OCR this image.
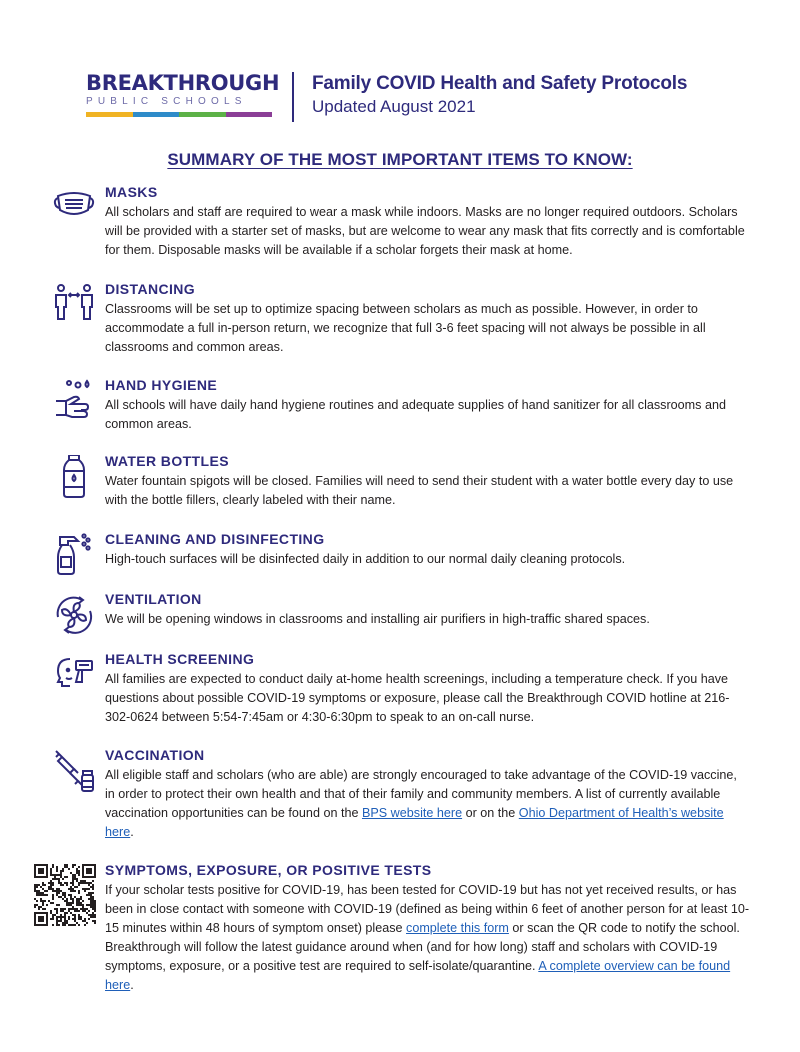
BREAKTHROUGH
PUBLIC SCHOOLS
Family COVID Health and Safety Protocols
Updated August 2021
SUMMARY OF THE MOST IMPORTANT ITEMS TO KNOW:
MASKS
All scholars and staff are required to wear a mask while indoors. Masks are no longer required outdoors. Scholars will be provided with a starter set of masks, but are welcome to wear any mask that fits correctly and is comfortable for them. Disposable masks will be available if a scholar forgets their mask at home.
DISTANCING
Classrooms will be set up to optimize spacing between scholars as much as possible. However, in order to accommodate a full in-person return, we recognize that full 3-6 feet spacing will not always be possible in all classrooms and common areas.
HAND HYGIENE
All schools will have daily hand hygiene routines and adequate supplies of hand sanitizer for all classrooms and common areas.
WATER BOTTLES
Water fountain spigots will be closed. Families will need to send their student with a water bottle every day to use with the bottle fillers, clearly labeled with their name.
CLEANING AND DISINFECTING
High-touch surfaces will be disinfected daily in addition to our normal daily cleaning protocols.
VENTILATION
We will be opening windows in classrooms and installing air purifiers in high-traffic shared spaces.
HEALTH SCREENING
All families are expected to conduct daily at-home health screenings, including a temperature check. If you have questions about possible COVID-19 symptoms or exposure, please call the Breakthrough COVID hotline at 216-302-0624 between 5:54-7:45am or 4:30-6:30pm to speak to an on-call nurse.
VACCINATION
All eligible staff and scholars (who are able) are strongly encouraged to take advantage of the COVID-19 vaccine, in order to protect their own health and that of their family and community members. A list of currently available vaccination opportunities can be found on the BPS website here or on the Ohio Department of Health’s website here.
SYMPTOMS, EXPOSURE, OR POSITIVE TESTS
If your scholar tests positive for COVID-19, has been tested for COVID-19 but has not yet received results, or has been in close contact with someone with COVID-19 (defined as being within 6 feet of another person for at least 10-15 minutes within 48 hours of symptom onset) please complete this form or scan the QR code to notify the school. Breakthrough will follow the latest guidance around when (and for how long) staff and scholars with COVID-19 symptoms, exposure, or a positive test are required to self-isolate/quarantine. A complete overview can be found here.
